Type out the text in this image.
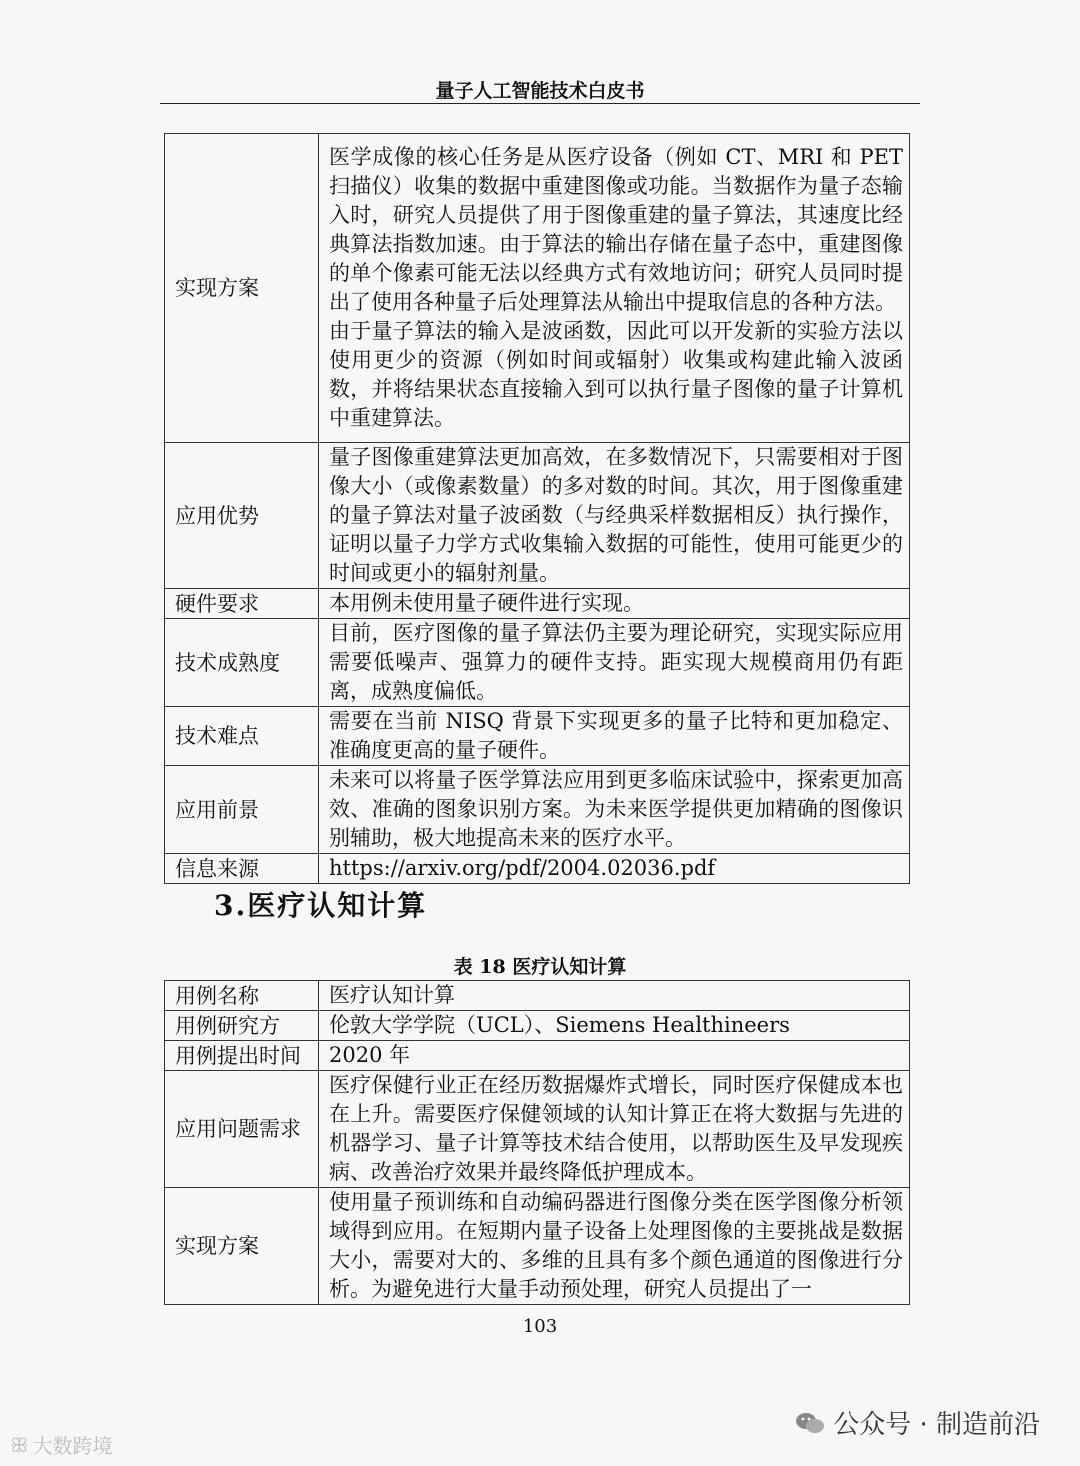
量子人工智能技术白皮书
实现方案	医学成像的核心任务是从医疗设备（例如 CT、MRI 和 PET 扫描仪）收集的数据中重建图像或功能。当数据作为量子态输入时，研究人员提供了用于图像重建的量子算法，其速度比经典算法指数加速。由于算法的输出存储在量子态中，重建图像的单个像素可能无法以经典方式有效地访问；研究人员同时提出了使用各种量子后处理算法从输出中提取信息的各种方法。
由于量子算法的输入是波函数，因此可以开发新的实验方法以使用更少的资源（例如时间或辐射）收集或构建此输入波函数，并将结果状态直接输入到可以执行量子图像的量子计算机中重建算法。

应用优势	量子图像重建算法更加高效，在多数情况下，只需要相对于图像大小（或像素数量）的多对数的时间。其次，用于图像重建的量子算法对量子波函数（与经典采样数据相反）执行操作，证明以量子力学方式收集输入数据的可能性，使用可能更少的时间或更小的辐射剂量。
硬件要求	本用例未使用量子硬件进行实现。
技术成熟度	目前，医疗图像的量子算法仍主要为理论研究，实现实际应用需要低噪声、强算力的硬件支持。距实现大规模商用仍有距离，成熟度偏低。
技术难点	需要在当前 NISQ 背景下实现更多的量子比特和更加稳定、准确度更高的量子硬件。
应用前景	未来可以将量子医学算法应用到更多临床试验中，探索更加高效、准确的图象识别方案。为未来医学提供更加精确的图像识别辅助，极大地提高未来的医疗水平。
信息来源	https://arxiv.org/pdf/2004.02036.pdf
3.医疗认知计算
表 18 医疗认知计算
用例名称	医疗认知计算
用例研究方	伦敦大学学院（UCL）、Siemens Healthineers
用例提出时间	2020 年
应用问题需求	医疗保健行业正在经历数据爆炸式增长，同时医疗保健成本也在上升。需要医疗保健领域的认知计算正在将大数据与先进的机器学习、量子计算等技术结合使用，以帮助医生及早发现疾病、改善治疗效果并最终降低护理成本。
实现方案	使用量子预训练和自动编码器进行图像分类在医学图像分析领域得到应用。在短期内量子设备上处理图像的主要挑战是数据大小，需要对大的、多维的且具有多个颜色通道的图像进行分析。为避免进行大量手动预处理，研究人员提出了一
103
ꕥ 大数跨境
公众号 · 制造前沿
